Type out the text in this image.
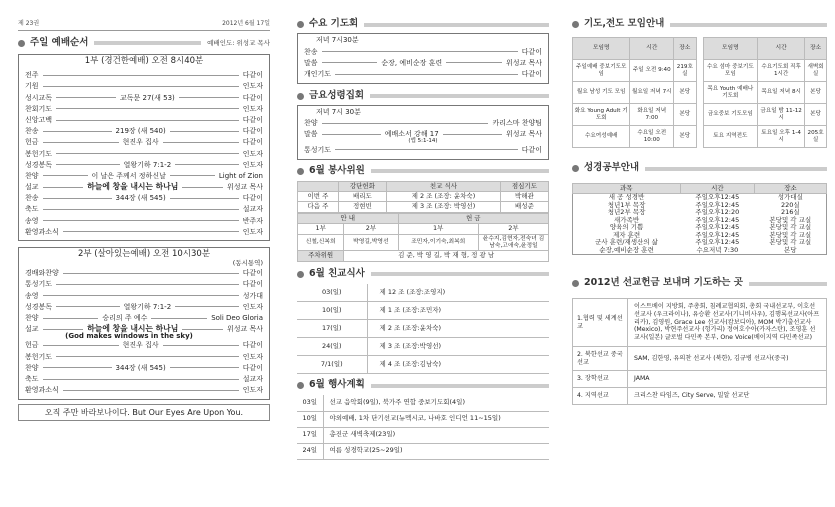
제 23권	2012년 6월 17일
주일 예배순서	예배인도: 위성교 목사
1부 (경건한예배) 오전 8시40분
전주	다같이
기원	인도자
성시교독	교독문 27(새 53)	다같이
찬회기도	인도자
신앙고백	다같이
찬송	219장 (새 540)	다같이
헌금	현진우 집사	다같이
봉헌기도	인도자
성경봉독	열왕기하 7:1-2	인도자
찬양	이 날은 주께서 정하신날	Light of Zion
설교	하늘에 창을 내시는 하나님	위성교 목사
찬송	344장 (새 545)	다같이
축도	설교자
송영	반주자
환영과소식	인도자
2부 (살아있는예배) 오전 10시30분
(동시통역)
경배와찬양	다같이
통성기도	다같이
송영	성가대
성경봉독	열왕기하 7:1-2	인도자
찬양	승리의 주 예수	Soli Deo Gloria
설교	하늘에 창을 내시는 하나님	위성교 목사
(God makes windows in the sky)
헌금	현진우 집사	다같이
봉헌기도	인도자
찬양	344장 (새 545)	다같이
축도	설교자
환영과소식	인도자
오직 주만 바라보나이다. But Our Eyes Are Upon You.
수요 기도회
저녁 7시30분
찬송	다같이
말씀	순장, 예비순장 훈련	위성교 목사
개인기도	다같이
금요성령집회
저녁 7시 30분
찬양	카리스마 찬양팀
말씀	예배소서 강해 17	위성교 목사
(엡 5:1-14)
통성기도	다같이
6월 봉사위원
	강단헌화	친교 식사	점심기도
이번 주	배리도	제 2 조 (조장: 윤차숙)	박해관
다음 주	정현빈	제 3 조 (조장: 박영선)	배성준
안 내		헌 금	
1부	2부	1부	2부
신철,신복희	박영길,박영선	조민자,이기숙,최복희	윤수지,김현자,전숙녀 김남숙,고애숙,윤정일
주차위원	김 준, 박 영 길, 박 재 형, 정 광 남		
6월 친교식사
03(일)	제 12 조 (조장:조영지)
10(일)	제 1 조 (조장:조민자)
17(일)	제 2 조 (조장:윤차숙)
24(일)	제 3 조 (조장:박영선)
7/1(일)	제 4 조 (조장:김남숙)
6월 행사계획
03일	선교 음악회(9일), 북가주 연합 중보기도회(4일)
10일	야외예배, 1차 단기선교(뉴멕시코, 나바호 인디언 11~15일)
17일	총진군 새벽축제(23일)
24일	여름 성경학교(25~29일)
기도,전도 모임안내
모임명	시간	장소
주일예배 중보기도모임	주일 오전 9:40	219호실
월요 남성 기도 모임	월요일 저녁 7시	본당
화요 Young Adult 기도회	화요일 저녁7:00	본당
수요여성예배	수요일 오전 10:00	본당
모임명	시간	장소
수요 섬마 중보기도모임	수요기도회 직후 1시간	새벽회실
목요 Youth 예배나 기도회	목요일 저녁 8시	본당
금요중보 기도모임	금요일 밤 11-12시	본당
토요 지역전도	토요일 오후 1-4시	205호실
성경공부안내
과목	시간	장소
새 공 성경반	주일오후12:45	성가대실
청년1부 목장	주일오후12:45	220실
청년2부 목장	주일오후12:20	216실
새가족반	주일오후12:45	본당및 각 교실
양육의 기쁨	주일오후12:45	본당및 각 교실
제자 훈련	주일오후12:45	본당및 각 교실
군사 훈련/재생산의 삶	주일오후12:45	본당및 각 교실
순장,예비순장 훈련	수요저녁 7:30	본당
2012년 선교헌금 보내며 기도하는 곳
1.협력 및 세계선교	이스트베이 지방회, 주총회, 침례교협의회, 총회 국내선교부, 이호선선교사 (우크라이나), 유승환 선교사(기니비사우), 김행록선교사(아프리카), 김영원, Grace Lee 선교사(캄보디아), MOM 박기출선교사 (Mexico), 박현주선교사 (헝가리) 정여호수아(카자스탄), 조영훈 선교사(일본) 글로벌 다민족 본부, One Voice(베이지역 다민족선교)
2. 북한선교 중국선교	SAM, 김한영, 유의찬 선교사 (북한), 김규병 선교사(중국)
3. 장학선교	JAMA
4. 지역선교	크리스찬 타임즈, City Serve, 밀알 선교단
